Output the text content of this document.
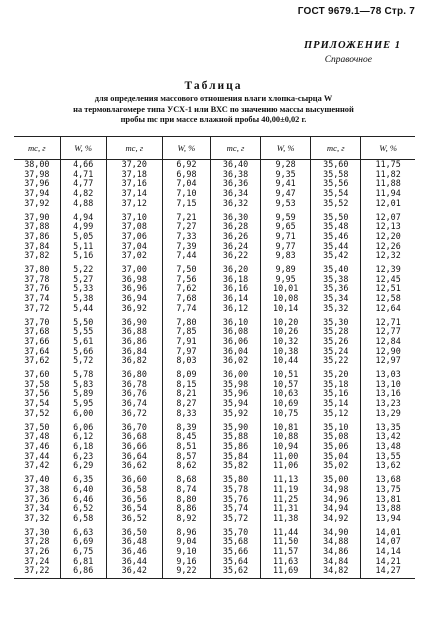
ГОСТ 9679.1—78 Стр. 7
ПРИЛОЖЕНИЕ 1
Справочное
Таблица
для определения массового отношения влаги хлопка-сырца W
на термовлагомере типа УСХ-1 или ВХС по значению массы высушенной
пробы mс при массе влажной пробы 40,00±0,02 г.
mс, г	W, %	mс, г	W, %	mс, г	W, %	mс, г	W, %
38,00	4,66	37,20	6,92	36,40	9,28	35,60	11,75
37,98	4,71	37,18	6,98	36,38	9,35	35,58	11,82
37,96	4,77	37,16	7,04	36,36	9,41	35,56	11,88
37,94	4,82	37,14	7,10	36,34	9,47	35,54	11,94
37,92	4,88	37,12	7,15	36,32	9,53	35,52	12,01
37,90	4,94	37,10	7,21	36,30	9,59	35,50	12,07
37,88	4,99	37,08	7,27	36,28	9,65	35,48	12,13
37,86	5,05	37,06	7,33	36,26	9,71	35,46	12,20
37,84	5,11	37,04	7,39	36,24	9,77	35,44	12,26
37,82	5,16	37,02	7,44	36,22	9,83	35,42	12,32
37,80	5,22	37,00	7,50	36,20	9,89	35,40	12,39
37,78	5,27	36,98	7,56	36,18	9,95	35,38	12,45
37,76	5,33	36,96	7,62	36,16	10,01	35,36	12,51
37,74	5,38	36,94	7,68	36,14	10,08	35,34	12,58
37,72	5,44	36,92	7,74	36,12	10,14	35,32	12,64
37,70	5,50	36,90	7,80	36,10	10,20	35,30	12,71
37,68	5,55	36,88	7,85	36,08	10,26	35,28	12,77
37,66	5,61	36,86	7,91	36,06	10,32	35,26	12,84
37,64	5,66	36,84	7,97	36,04	10,38	35,24	12,90
37,62	5,72	36,82	8,03	36,02	10,44	35,22	12,97
37,60	5,78	36,80	8,09	36,00	10,51	35,20	13,03
37,58	5,83	36,78	8,15	35,98	10,57	35,18	13,10
37,56	5,89	36,76	8,21	35,96	10,63	35,16	13,16
37,54	5,95	36,74	8,27	35,94	10,69	35,14	13,23
37,52	6,00	36,72	8,33	35,92	10,75	35,12	13,29
37,50	6,06	36,70	8,39	35,90	10,81	35,10	13,35
37,48	6,12	36,68	8,45	35,88	10,88	35,08	13,42
37,46	6,18	36,66	8,51	35,86	10,94	35,06	13,48
37,44	6,23	36,64	8,57	35,84	11,00	35,04	13,55
37,42	6,29	36,62	8,62	35,82	11,06	35,02	13,62
37,40	6,35	36,60	8,68	35,80	11,13	35,00	13,68
37,38	6,40	36,58	8,74	35,78	11,19	34,98	13,75
37,36	6,46	36,56	8,80	35,76	11,25	34,96	13,81
37,34	6,52	36,54	8,86	35,74	11,31	34,94	13,88
37,32	6,58	36,52	8,92	35,72	11,38	34,92	13,94
37,30	6,63	36,50	8,96	35,70	11,44	34,90	14,01
37,28	6,69	36,48	9,04	35,68	11,50	34,88	14,07
37,26	6,75	36,46	9,10	35,66	11,57	34,86	14,14
37,24	6,81	36,44	9,16	35,64	11,63	34,84	14,21
37,22	6,86	36,42	9,22	35,62	11,69	34,82	14,27
